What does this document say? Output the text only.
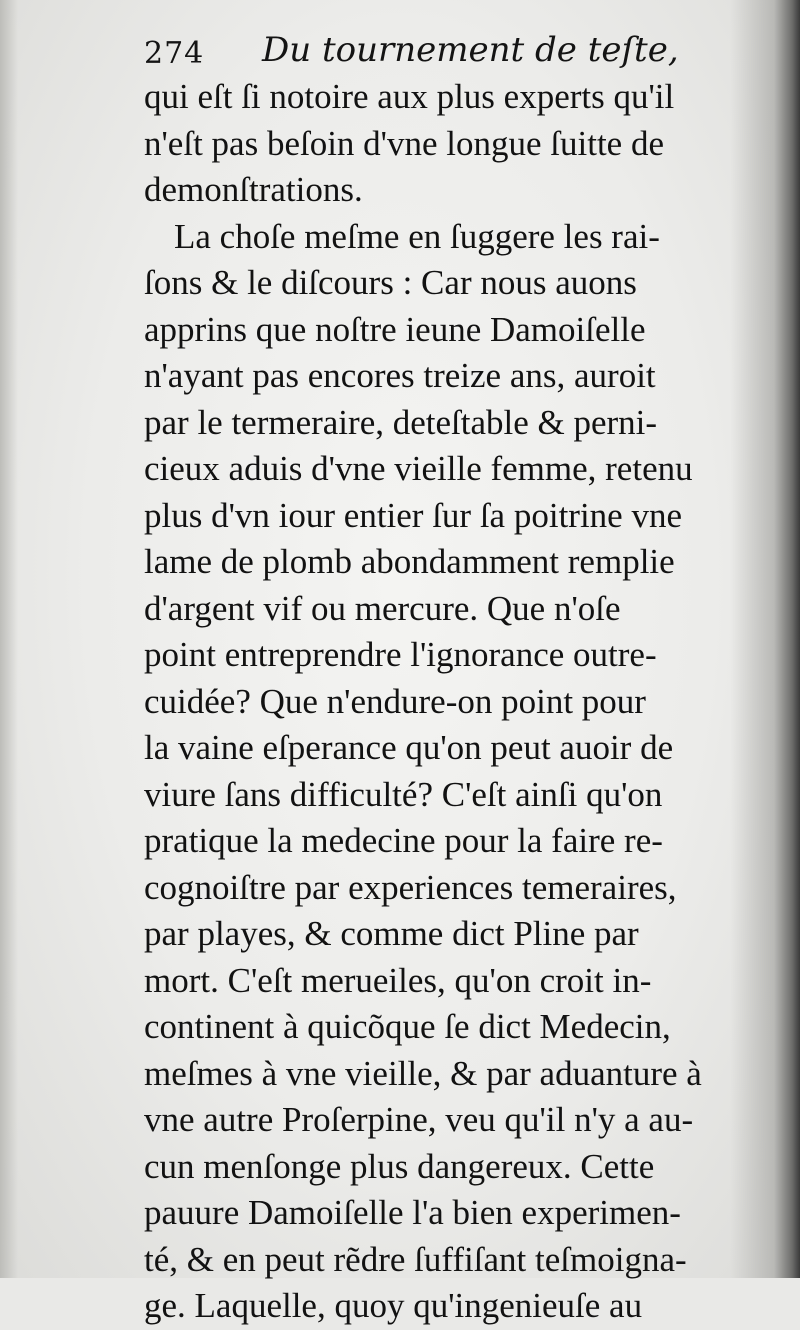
274 Du tournement de teſte,
qui eſt ſi notoire aux plus experts qu'il
n'eſt pas beſoin d'vne longue ſuitte de
demonſtrations.
La choſe meſme en ſuggere les rai-
ſons & le diſcours : Car nous auons
apprins que noſtre ieune Damoiſelle
n'ayant pas encores treize ans, auroit
par le termeraire, deteſtable & perni-
cieux aduis d'vne vieille femme, retenu
plus d'vn iour entier ſur ſa poitrine vne
lame de plomb abondamment remplie
d'argent vif ou mercure. Que n'oſe
point entreprendre l'ignorance outre-
cuidée? Que n'endure-on point pour
la vaine eſperance qu'on peut auoir de
viure ſans difficulté? C'eſt ainſi qu'on
pratique la medecine pour la faire re-
cognoiſtre par experiences temeraires,
par playes, & comme dict Pline par
mort. C'eſt merueiles, qu'on croit in-
continent à quicõque ſe dict Medecin,
meſmes à vne vieille, & par aduanture à
vne autre Proſerpine, veu qu'il n'y a au-
cun menſonge plus dangereux. Cette
pauure Damoiſelle l'a bien experimen-
té, & en peut rẽdre ſuffiſant teſmoigna-
ge. Laquelle, quoy qu'ingenieuſe au
